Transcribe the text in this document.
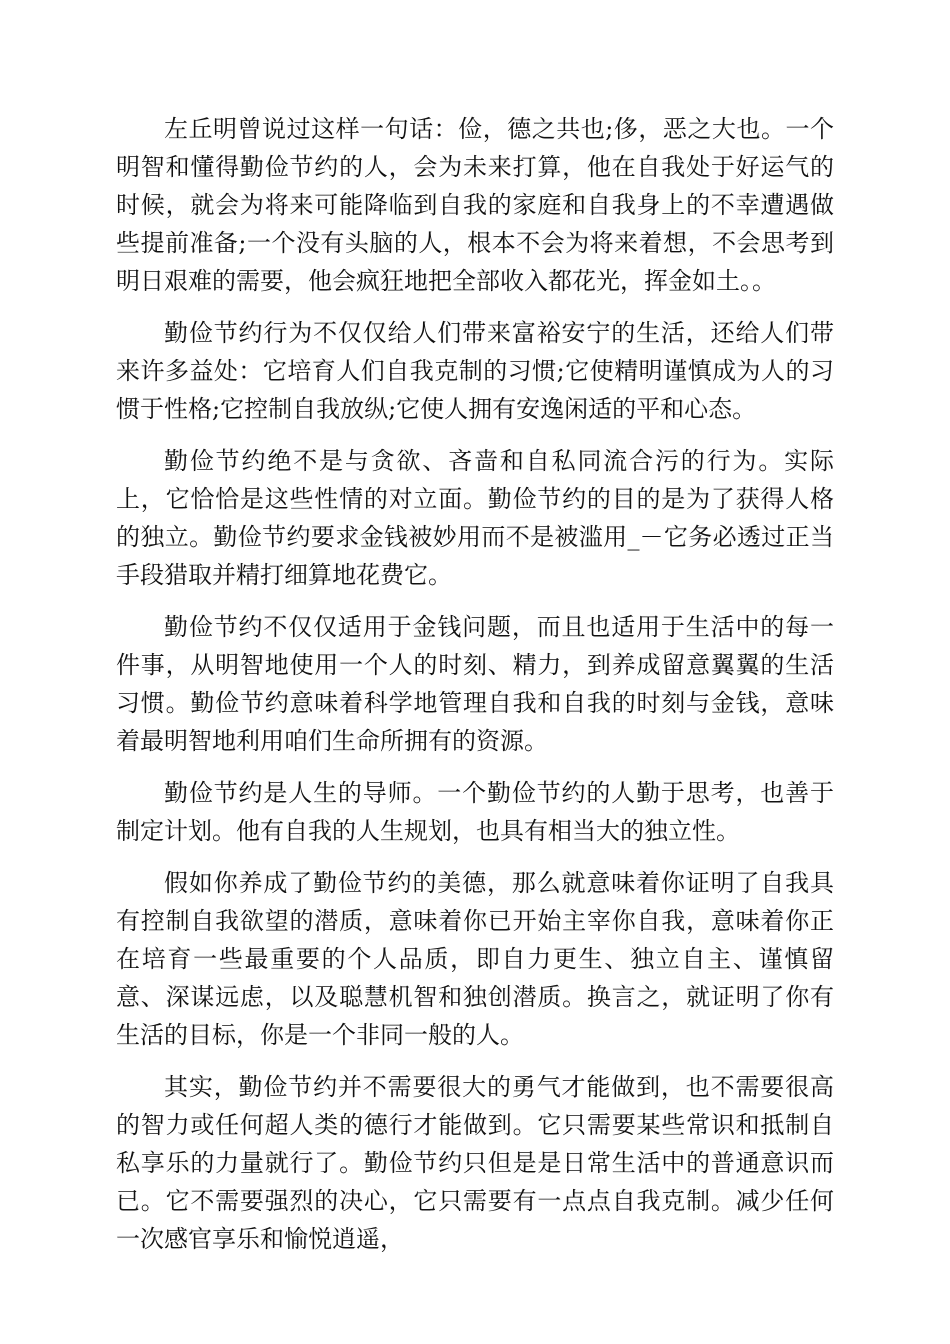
左丘明曾说过这样一句话：俭，德之共也;侈，恶之大也。一个明智和懂得勤俭节约的人，会为未来打算，他在自我处于好运气的时候，就会为将来可能降临到自我的家庭和自我身上的不幸遭遇做些提前准备;一个没有头脑的人，根本不会为将来着想，不会思考到明日艰难的需要，他会疯狂地把全部收入都花光，挥金如土。。

勤俭节约行为不仅仅给人们带来富裕安宁的生活，还给人们带来许多益处：它培育人们自我克制的习惯;它使精明谨慎成为人的习惯于性格;它控制自我放纵;它使人拥有安逸闲适的平和心态。

勤俭节约绝不是与贪欲、吝啬和自私同流合污的行为。实际上，它恰恰是这些性情的对立面。勤俭节约的目的是为了获得人格的独立。勤俭节约要求金钱被妙用而不是被滥用_－它务必透过正当手段猎取并精打细算地花费它。

勤俭节约不仅仅适用于金钱问题，而且也适用于生活中的每一件事，从明智地使用一个人的时刻、精力，到养成留意翼翼的生活习惯。勤俭节约意味着科学地管理自我和自我的时刻与金钱，意味着最明智地利用咱们生命所拥有的资源。

勤俭节约是人生的导师。一个勤俭节约的人勤于思考，也善于制定计划。他有自我的人生规划，也具有相当大的独立性。

假如你养成了勤俭节约的美德，那么就意味着你证明了自我具有控制自我欲望的潜质，意味着你已开始主宰你自我，意味着你正在培育一些最重要的个人品质，即自力更生、独立自主、谨慎留意、深谋远虑，以及聪慧机智和独创潜质。换言之，就证明了你有生活的目标，你是一个非同一般的人。

其实，勤俭节约并不需要很大的勇气才能做到，也不需要很高的智力或任何超人类的德行才能做到。它只需要某些常识和抵制自私享乐的力量就行了。勤俭节约只但是是日常生活中的普通意识而已。它不需要强烈的决心，它只需要有一点点自我克制。减少任何一次感官享乐和愉悦逍遥，
